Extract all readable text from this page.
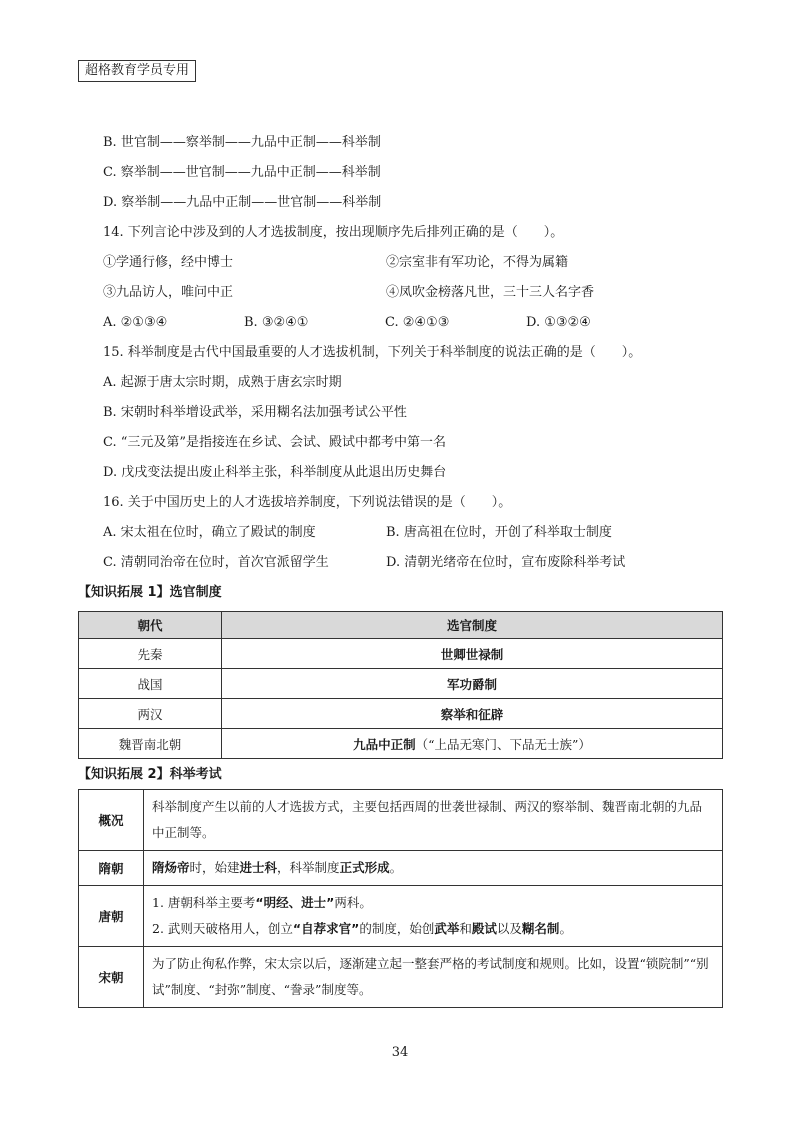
超格教育学员专用
B. 世官制——察举制——九品中正制——科举制
C. 察举制——世官制——九品中正制——科举制
D. 察举制——九品中正制——世官制——科举制
14. 下列言论中涉及到的人才选拔制度，按出现顺序先后排列正确的是（　　）。
①学通行修，经中博士	②宗室非有军功论，不得为属籍
③九品访人，唯问中正	④凤吹金榜落凡世，三十三人名字香
A. ②①③④	B. ③②④①	C. ②④①③	D. ①③②④
15. 科举制度是古代中国最重要的人才选拔机制，下列关于科举制度的说法正确的是（　　）。
A. 起源于唐太宗时期，成熟于唐玄宗时期
B. 宋朝时科举增设武举，采用糊名法加强考试公平性
C. “三元及第”是指接连在乡试、会试、殿试中都考中第一名
D. 戊戌变法提出废止科举主张，科举制度从此退出历史舞台
16. 关于中国历史上的人才选拔培养制度，下列说法错误的是（　　）。
A. 宋太祖在位时，确立了殿试的制度	B. 唐高祖在位时，开创了科举取士制度
C. 清朝同治帝在位时，首次官派留学生	D. 清朝光绪帝在位时，宣布废除科举考试
【知识拓展 1】选官制度
朝代	选官制度
先秦	世卿世禄制
战国	军功爵制
两汉	察举和征辟
魏晋南北朝	九品中正制（“上品无寒门、下品无士族”）
【知识拓展 2】科举考试
概况	科举制度产生以前的人才选拔方式，主要包括西周的世袭世禄制、两汉的察举制、魏晋南北朝的九品中正制等。
隋朝	隋炀帝时，始建进士科，科举制度正式形成。
唐朝	1. 唐朝科举主要考“明经、进士”两科。
2. 武则天破格用人，创立“自荐求官”的制度，始创武举和殿试以及糊名制。

宋朝	为了防止徇私作弊，宋太宗以后，逐渐建立起一整套严格的考试制度和规则。比如，设置“锁院制”“别试”制度、“封弥”制度、“誊录”制度等。
34
